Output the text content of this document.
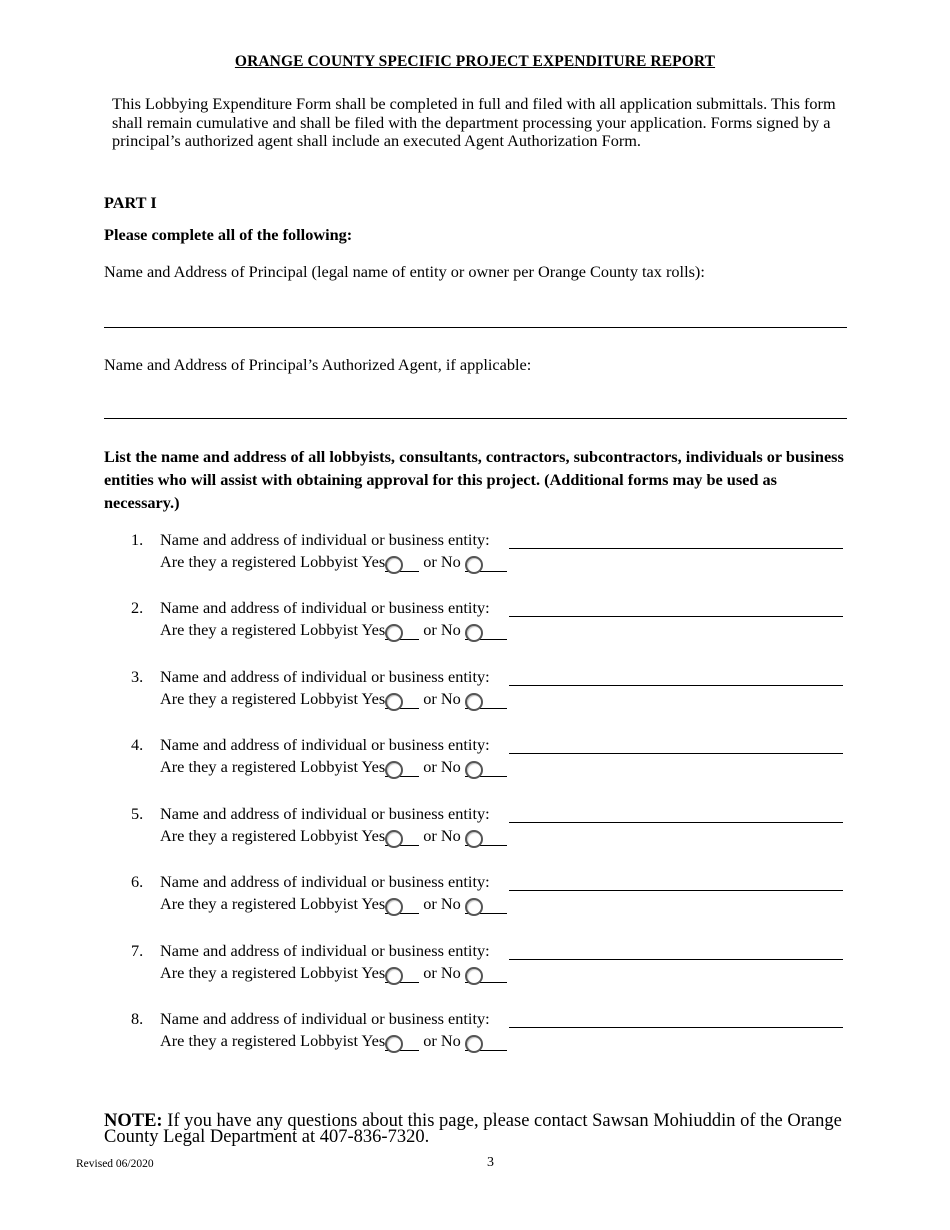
ORANGE COUNTY SPECIFIC PROJECT EXPENDITURE REPORT
This Lobbying Expenditure Form shall be completed in full and filed with all application submittals. This form shall remain cumulative and shall be filed with the department processing your application. Forms signed by a principal’s authorized agent shall include an executed Agent Authorization Form.
PART I
Please complete all of the following:
Name and Address of Principal (legal name of entity or owner per Orange County tax rolls):
Name and Address of Principal’s Authorized Agent, if applicable:
List the name and address of all lobbyists, consultants, contractors, subcontractors, individuals or business entities who will assist with obtaining approval for this project. (Additional forms may be used as necessary.)
1. Name and address of individual or business entity:
Are they a registered Lobbyist Yes or No
2. Name and address of individual or business entity:
Are they a registered Lobbyist Yes or No
3. Name and address of individual or business entity:
Are they a registered Lobbyist Yes or No
4. Name and address of individual or business entity:
Are they a registered Lobbyist Yes or No
5. Name and address of individual or business entity:
Are they a registered Lobbyist Yes or No
6. Name and address of individual or business entity:
Are they a registered Lobbyist Yes or No
7. Name and address of individual or business entity:
Are they a registered Lobbyist Yes or No
8. Name and address of individual or business entity:
Are they a registered Lobbyist Yes or No
NOTE: If you have any questions about this page, please contact Sawsan Mohiuddin of the Orange County Legal Department at 407-836-7320.
Revised 06/2020	3
